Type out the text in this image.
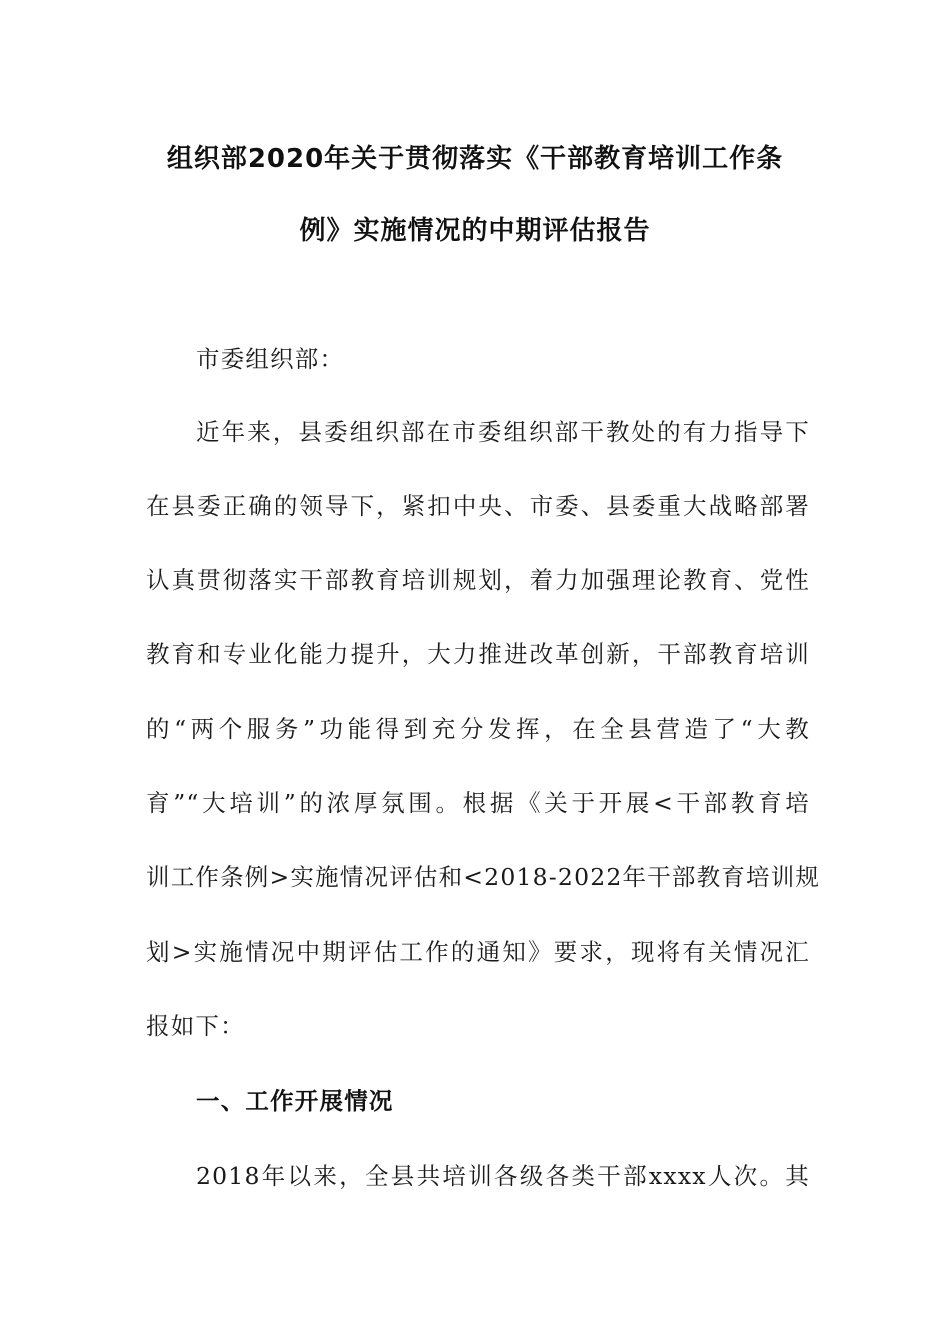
组织部2020年关于贯彻落实《干部教育培训工作条
例》实施情况的中期评估报告
市委组织部：
近年来，县委组织部在市委组织部干教处的有力指导下
在县委正确的领导下，紧扣中央、市委、县委重大战略部署
认真贯彻落实干部教育培训规划，着力加强理论教育、党性
教育和专业化能力提升，大力推进改革创新，干部教育培训
的“两个服务”功能得到充分发挥，在全县营造了“大教
育”“大培训”的浓厚氛围。根据《关于开展<干部教育培
训工作条例>实施情况评估和<2018-2022年干部教育培训规
划>实施情况中期评估工作的通知》要求，现将有关情况汇
报如下：
一、工作开展情况
2018年以来，全县共培训各级各类干部xxxx人次。其
